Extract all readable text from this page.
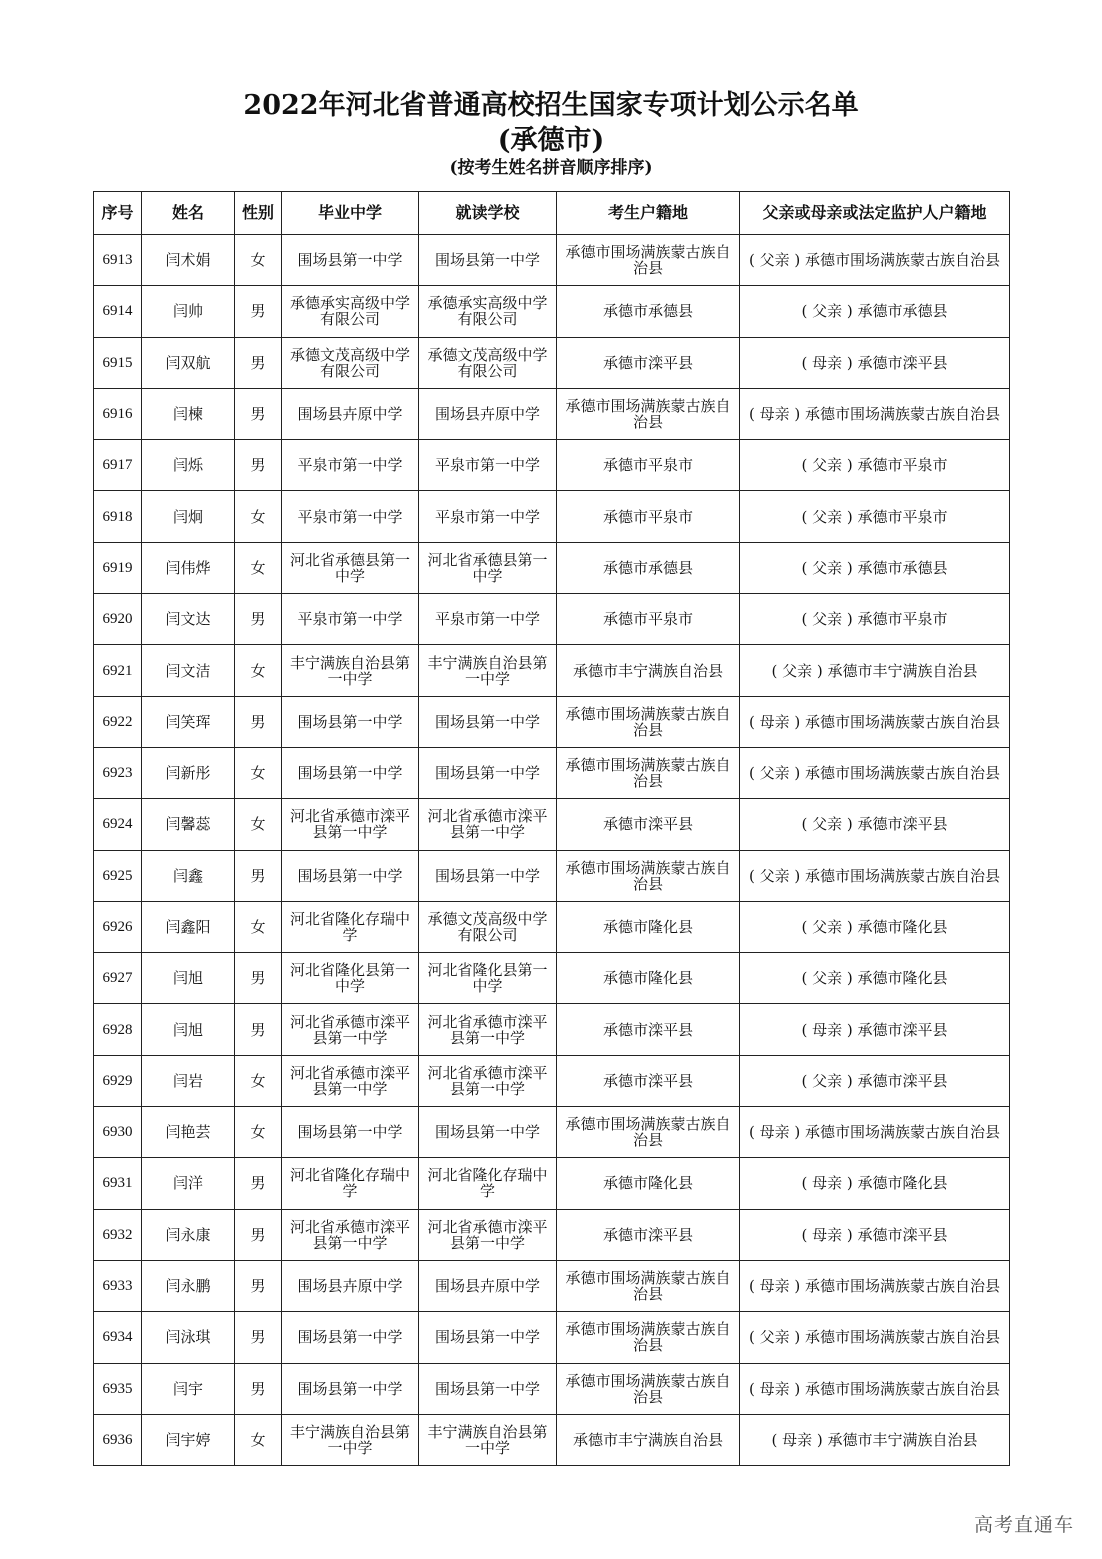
2022年河北省普通高校招生国家专项计划公示名单
(承德市)
(按考生姓名拼音顺序排序)
序号	姓名	性别	毕业中学	就读学校	考生户籍地	父亲或母亲或法定监护人户籍地
6913	闫术娟	女	围场县第一中学	围场县第一中学	承德市围场满族蒙古族自治县	( 父亲 ) 承德市围场满族蒙古族自治县
6914	闫帅	男	承德承实高级中学有限公司	承德承实高级中学有限公司	承德市承德县	( 父亲 ) 承德市承德县
6915	闫双航	男	承德文茂高级中学有限公司	承德文茂高级中学有限公司	承德市滦平县	( 母亲 ) 承德市滦平县
6916	闫楝	男	围场县卉原中学	围场县卉原中学	承德市围场满族蒙古族自治县	( 母亲 ) 承德市围场满族蒙古族自治县
6917	闫烁	男	平泉市第一中学	平泉市第一中学	承德市平泉市	( 父亲 ) 承德市平泉市
6918	闫炯	女	平泉市第一中学	平泉市第一中学	承德市平泉市	( 父亲 ) 承德市平泉市
6919	闫伟烨	女	河北省承德县第一中学	河北省承德县第一中学	承德市承德县	( 父亲 ) 承德市承德县
6920	闫文达	男	平泉市第一中学	平泉市第一中学	承德市平泉市	( 父亲 ) 承德市平泉市
6921	闫文洁	女	丰宁满族自治县第一中学	丰宁满族自治县第一中学	承德市丰宁满族自治县	( 父亲 ) 承德市丰宁满族自治县
6922	闫笑珲	男	围场县第一中学	围场县第一中学	承德市围场满族蒙古族自治县	( 母亲 ) 承德市围场满族蒙古族自治县
6923	闫新彤	女	围场县第一中学	围场县第一中学	承德市围场满族蒙古族自治县	( 父亲 ) 承德市围场满族蒙古族自治县
6924	闫馨蕊	女	河北省承德市滦平县第一中学	河北省承德市滦平县第一中学	承德市滦平县	( 父亲 ) 承德市滦平县
6925	闫鑫	男	围场县第一中学	围场县第一中学	承德市围场满族蒙古族自治县	( 父亲 ) 承德市围场满族蒙古族自治县
6926	闫鑫阳	女	河北省隆化存瑞中学	承德文茂高级中学有限公司	承德市隆化县	( 父亲 ) 承德市隆化县
6927	闫旭	男	河北省隆化县第一中学	河北省隆化县第一中学	承德市隆化县	( 父亲 ) 承德市隆化县
6928	闫旭	男	河北省承德市滦平县第一中学	河北省承德市滦平县第一中学	承德市滦平县	( 母亲 ) 承德市滦平县
6929	闫岩	女	河北省承德市滦平县第一中学	河北省承德市滦平县第一中学	承德市滦平县	( 父亲 ) 承德市滦平县
6930	闫艳芸	女	围场县第一中学	围场县第一中学	承德市围场满族蒙古族自治县	( 母亲 ) 承德市围场满族蒙古族自治县
6931	闫洋	男	河北省隆化存瑞中学	河北省隆化存瑞中学	承德市隆化县	( 母亲 ) 承德市隆化县
6932	闫永康	男	河北省承德市滦平县第一中学	河北省承德市滦平县第一中学	承德市滦平县	( 母亲 ) 承德市滦平县
6933	闫永鹏	男	围场县卉原中学	围场县卉原中学	承德市围场满族蒙古族自治县	( 母亲 ) 承德市围场满族蒙古族自治县
6934	闫泳琪	男	围场县第一中学	围场县第一中学	承德市围场满族蒙古族自治县	( 父亲 ) 承德市围场满族蒙古族自治县
6935	闫宇	男	围场县第一中学	围场县第一中学	承德市围场满族蒙古族自治县	( 母亲 ) 承德市围场满族蒙古族自治县
6936	闫宇婷	女	丰宁满族自治县第一中学	丰宁满族自治县第一中学	承德市丰宁满族自治县	( 母亲 ) 承德市丰宁满族自治县
高考直通车
